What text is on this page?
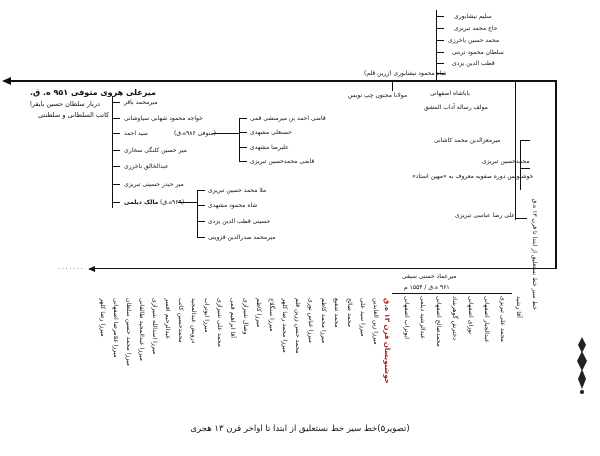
سلیم نیشابوری
حاج محمد تبریزی
محمد حسین باخرزی
سلطان محمود تربتی
قطب الدین یزدی
شاه محمود نیشابوری (زرین قلم)
مولانا مجنون چپ نویس	باباشاه اصفهانی
مولف رساله آداب المشق
میرعلی هروی متوفی ۹۵۱ ه. ق.
دربار سلطان حسین بایقرا
کاتب السلطانی و سلطنتی
میرمحمد باقر
خواجه محمود شهابی سیاوشانی
سید احمد	(متوفی ۹۸۶ه.ق)
میر حسین کلنگی سخاری
عبدالخالق باخرزی
میر حیدر حسینی تبریزی
مالک دیلمی (۹۶۹ه.ق)
قاضی احمد بن میرمنشی قمی
حسنعلی مشهدی
علیرضا مشهدی
قاضی محمدحسین تبریزی
ملا محمد حسین تبریزی
شاه محمود مشهدی
حسینی قطب الدین یزدی
میرمحمد صدرالدین قزوینی
میرمعزالدین محمد کاشانی
محمدحسین تبریزی
خوشنویس دوره صفویه معروف به «مهین استاد»
علی رضا عباسی تبریزی
میرعماد حسنی سیفی
۹۶۱ ه.ق / ۱۵۵۴ م
. . . . . . .
میرزا رضا کلهر میرزا غلامرضا اصفهانی میرزا محمد حسین سلطان میرزا عبدالمجید طالقانی میرزا اسدالله شیرازی عبدالرحیم افسر محمدحسین کاتب درویش عبدالمجید میرزا ابوتراب محمد علی شیرازی آقا ابراهیم قمی وصال شیرازی میرزا کاظم میرزا سنگلاخ میرزا محمد رضا کلهر محمد حسن زرین قلم میرزا عباس نوری میرزا محمد کاظم محمد شفیع محمد صالح میرزا سید علی میرزا زین العابدین خوشنویسان قرن ۱۳ ه.ق
ابوتراب اصفهانی	عبدالرشید دیلمی	محمدصالح اصفهانی	دخترش گوهرشاد	نورای اصفهانی	عبدالجبار اصفهانی	محمد علی تبریزی	آقا رشید
خط سیر خط نستعلیق از ابتدا تا قرن ۱۳ ه.ق
(تصویر۵)خط سیر خط نستعلیق از ابتدا تا اواخر قرن ۱۳ هجری
